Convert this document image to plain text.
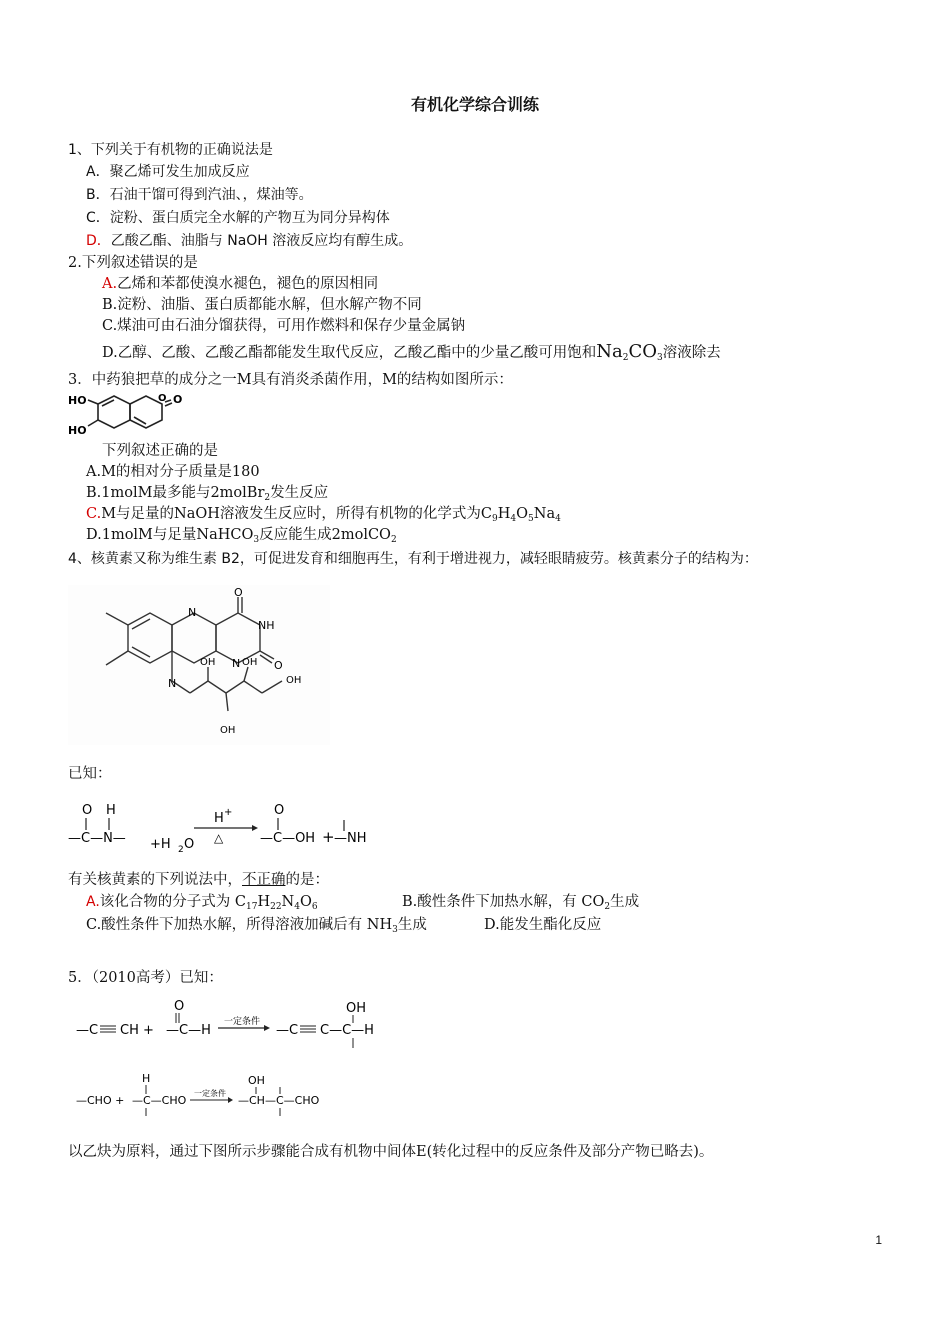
有机化学综合训练
1、下列关于有机物的正确说法是
A．聚乙烯可发生加成反应
B．石油干馏可得到汽油、，煤油等。
C．淀粉、蛋白质完全水解的产物互为同分异构体
D．乙酸乙酯、油脂与 NaOH 溶液反应均有醇生成。
2.下列叙述错误的是
A.乙烯和苯都使溴水褪色，褪色的原因相同
B.淀粉、油脂、蛋白质都能水解，但水解产物不同
C.煤油可由石油分馏获得，可用作燃料和保存少量金属钠
D.乙醇、乙酸、乙酸乙酯都能发生取代反应，乙酸乙酯中的少量乙酸可用饱和$Na_2CO_3$溶液除去
3．中药狼把草的成分之一M具有消炎杀菌作用，M的结构如图所示：
HO
HO
O O
下列叙述正确的是
A.M的相对分子质量是180
B.1molM最多能与2molBr$_2$发生反应
C.M与足量的NaOH溶液发生反应时，所得有机物的化学式为$C_9H_4O_5Na_4$
D.1molM与足量NaHCO$_3$反应能生成2molCO$_2$
4、核黄素又称为维生素 B2，可促进发育和细胞再生，有利于增进视力，减轻眼睛疲劳。核黄素分子的结构为：
N
O
NH
N	O
N
OH
OH
OH
OH
已知：
O H
—C—N— +H 2 O
H +
△
O
—C—OH + —NH
有关核黄素的下列说法中，不正确的是：
A.该化合物的分子式为 $C_{17}H_{22}N_4O_6$	B.酸性条件下加热水解，有 $CO_2$生成
C.酸性条件下加热水解，所得溶液加碱后有 $NH_3$生成	D.能发生酯化反应
5．（2010高考）已知：
—C CH +
O
—C—H
一定条件
—C C—C—H
OH
—CHO +
H
—C—CHO
一定条件
OH
—CH—C—CHO
以乙炔为原料，通过下图所示步骤能合成有机物中间体E(转化过程中的反应条件及部分产物已略去)。
1
